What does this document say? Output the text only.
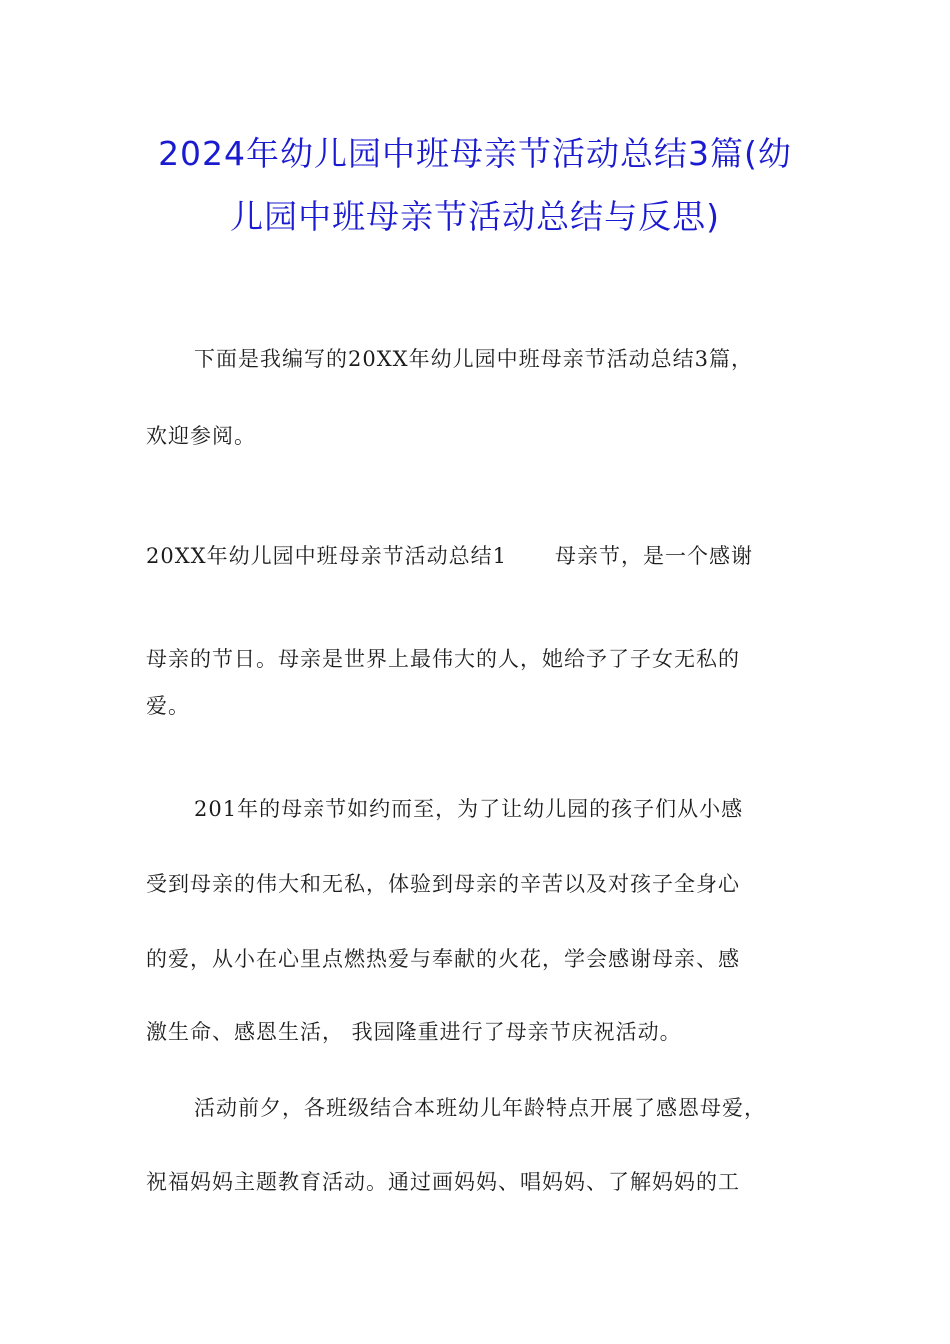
2024年幼儿园中班母亲节活动总结3篇(幼
儿园中班母亲节活动总结与反思)
下面是我编写的20XX年幼儿园中班母亲节活动总结3篇，
欢迎参阅。
20XX年幼儿园中班母亲节活动总结1 母亲节，是一个感谢
母亲的节日。母亲是世界上最伟大的人，她给予了子女无私的
爱。
201年的母亲节如约而至，为了让幼儿园的孩子们从小感
受到母亲的伟大和无私，体验到母亲的辛苦以及对孩子全身心
的爱，从小在心里点燃热爱与奉献的火花，学会感谢母亲、感
激生命、感恩生活， 我园隆重进行了母亲节庆祝活动。
活动前夕，各班级结合本班幼儿年龄特点开展了感恩母爱，
祝福妈妈主题教育活动。通过画妈妈、唱妈妈、了解妈妈的工
